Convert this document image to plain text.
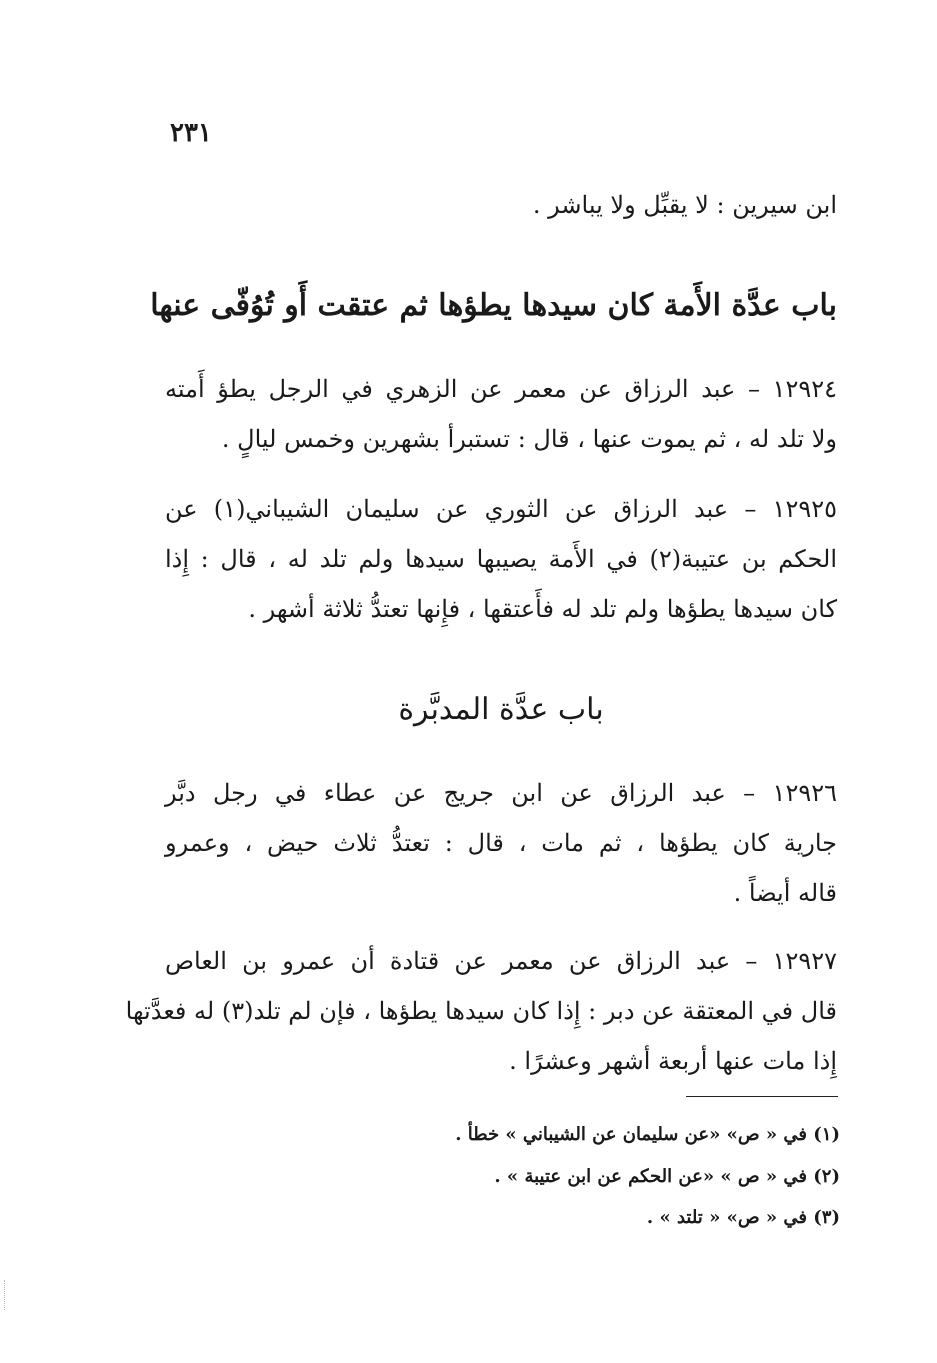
٢٣١
ابن سيرين : لا يقبِّل ولا يباشر .
باب عدَّة الأَمة كان سيدها يطؤها ثم عتقت أَو تُوُفّى عنها
١٢٩٢٤ – عبد الرزاق عن معمر عن الزهري في الرجل يطؤ أَمته
ولا تلد له ، ثم يموت عنها ، قال : تستبرأ بشهرين وخمس ليالٍ .
١٢٩٢٥ – عبد الرزاق عن الثوري عن سليمان الشيباني(١) عن
الحكم بن عتيبة(٢) في الأَمة يصيبها سيدها ولم تلد له ، قال : إِذا
كان سيدها يطؤها ولم تلد له فأَعتقها ، فإِنها تعتدُّ ثلاثة أشهر .
باب عدَّة المدبَّرة
١٢٩٢٦ – عبد الرزاق عن ابن جريج عن عطاء في رجل دبَّر
جارية كان يطؤها ، ثم مات ، قال : تعتدُّ ثلاث حيض ، وعمرو
قاله أيضاً .
١٢٩٢٧ – عبد الرزاق عن معمر عن قتادة أن عمرو بن العاص
قال في المعتقة عن دبر : إِذا كان سيدها يطؤها ، فإن لم تلد(٣) له فعدَّتها
إِذا مات عنها أربعة أشهر وعشرًا .
(١) في « ص» «عن سليمان عن الشيباني » خطأ .
(٢) في « ص » «عن الحكم عن ابن عتيبة » .
(٣) في « ص» « تلتد » .
